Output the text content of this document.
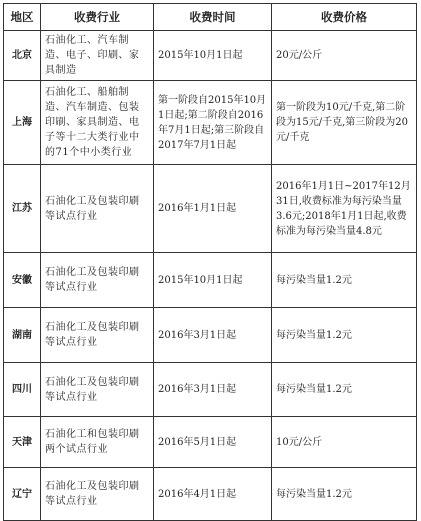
地区	收费行业	收费时间	收费价格
北京	石油化工、汽车制造、电子、印刷、家具制造	2015年10月1日起	20元/公斤
上海	石油化工、船舶制造、汽车制造、包装印刷、家具制造、电子等十二大类行业中的71个中小类行业	第一阶段自2015年10月1日起;第二阶段自2016年7月1日起;第三阶段自2017年7月1日起	第一阶段为10元/千克,第二阶段为15元/千克,第三阶段为20元/千克
江苏	石油化工及包装印刷等试点行业	2016年1月1日起	2016年1月1日~2017年12月31日,收费标准为每污染当量3.6元;2018年1月1日起,收费标准为每污染当量4.8元
安徽	石油化工及包装印刷等试点行业	2015年10月1日起	每污染当量1.2元
湖南	石油化工及包装印刷等试点行业	2016年3月1日起	每污染当量1.2元
四川	石油化工及包装印刷等试点行业	2016年3月1日起	每污染当量1.2元
天津	石油化工和包装印刷两个试点行业	2016年5月1日起	10元/公斤
辽宁	石油化工及包装印刷等试点行业	2016年4月1日起	每污染当量1.2元
